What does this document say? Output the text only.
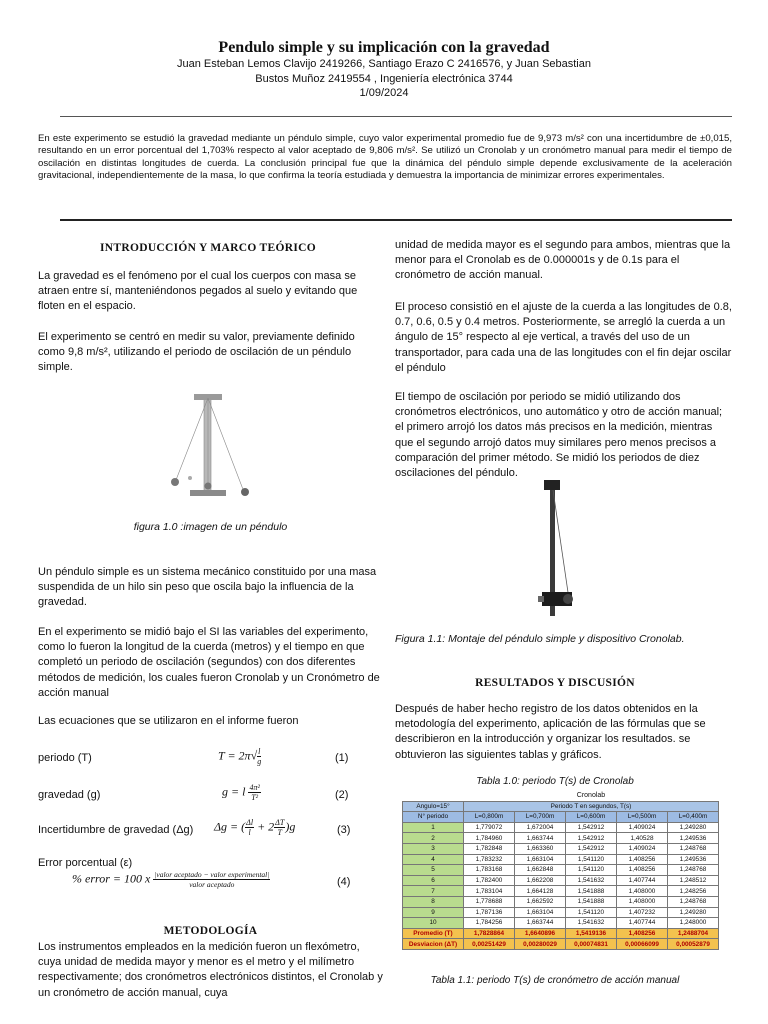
Pendulo simple y su implicación con la gravedad
Juan Esteban Lemos Clavijo 2419266, Santiago Erazo C 2416576, y Juan Sebastian
Bustos Muñoz 2419554 , Ingeniería electrónica 3744
1/09/2024
En este experimento se estudió la gravedad mediante un péndulo simple, cuyo valor experimental promedio fue de 9,973 m/s² con una incertidumbre de ±0,015, resultando en un error porcentual del 1,703% respecto al valor aceptado de 9,806 m/s². Se utilizó un Cronolab y un cronómetro manual para medir el tiempo de oscilación en distintas longitudes de cuerda. La conclusión principal fue que la dinámica del péndulo simple depende exclusivamente de la aceleración gravitacional, independientemente de la masa, lo que confirma la teoría estudiada y demuestra la importancia de minimizar errores experimentales.
INTRODUCCIÓN Y MARCO TEÓRICO
La gravedad es el fenómeno por el cual los cuerpos con masa se atraen entre sí, manteniéndonos pegados al suelo y evitando que floten en el espacio.
El experimento se centró en medir su valor, previamente definido como 9,8 m/s², utilizando el periodo de oscilación de un péndulo simple.
figura 1.0 :imagen de un péndulo
Un péndulo simple es un sistema mecánico constituido por una masa suspendida de un hilo sin peso que oscila bajo la influencia de la gravedad.
En el experimento se midió bajo el SI las variables del experimento, como lo fueron la longitud de la cuerda (metros) y el tiempo en que completó un periodo de oscilación (segundos) con dos diferentes métodos de medición, los cuales fueron Cronolab y un Cronómetro de acción manual
Las ecuaciones que se utilizaron en el informe fueron
periodo (T)	$T = 2\pi√ \frac{l}{g}$	(1)
gravedad (g)	g = l $\frac{\text{4π²}}{\text{T²}}$	(2)
Incertidumbre de gravedad (Δg) Δg = ( $\frac{\Delta l}{l} + 2 \frac{\Delta T}{T})g$	(3)
Error porcentual (ε)
% error = 100 x $\frac{\text{|valor aceptado − valor experimental|}}{\text{valor aceptado}}$	(4)
METODOLOGÍA
Los instrumentos empleados en la medición fueron un flexómetro, cuya unidad de medida mayor y menor es el metro y el milímetro respectivamente; dos cronómetros electrónicos distintos, el Cronolab y un cronómetro de acción manual, cuya
unidad de medida mayor es el segundo para ambos, mientras que la menor para el Cronolab es de 0.000001s y de 0.1s para el cronómetro de acción manual.
El proceso consistió en el ajuste de la cuerda a las longitudes de 0.8, 0.7, 0.6, 0.5 y 0.4 metros. Posteriormente, se arregló la cuerda a un ángulo de 15° respecto al eje vertical, a través del uso de un transportador, para cada una de las longitudes con el fin dejar oscilar el péndulo
El tiempo de oscilación por periodo se midió utilizando dos cronómetros electrónicos, uno automático y otro de acción manual; el primero arrojó los datos más precisos en la medición, mientras que el segundo arrojó datos muy similares pero menos precisos a comparación del primer método. Se midió los periodos de diez oscilaciones del péndulo.
Figura 1.1: Montaje del péndulo simple y dispositivo Cronolab.
RESULTADOS Y DISCUSIÓN
Después de haber hecho registro de los datos obtenidos en la metodología del experimento, aplicación de las fórmulas que se describieron en la introducción y organizar los resultados. se obtuvieron las siguientes tablas y gráficos.
Tabla 1.0: periodo T(s) de Cronolab
	Cronolab				
Angulo=15°	Periodo T en segundos, T(s)				
N° periodo	L=0,800m	L=0,700m	L=0,600m	L=0,500m	L=0,400m
1	1,779072	1,672004	1,542912	1,409024	1,249280
2	1,784960	1,663744	1,542912	1,40528	1,249536
3	1,782848	1,663360	1,542912	1,409024	1,248768
4	1,783232	1,663104	1,541120	1,408256	1,249536
5	1,783168	1,662848	1,541120	1,408256	1,248768
6	1,782400	1,662208	1,541632	1,407744	1,248512
7	1,783104	1,664128	1,541888	1,408000	1,248256
8	1,778688	1,662592	1,541888	1,408000	1,248768
9	1,787136	1,663104	1,541120	1,407232	1,249280
10	1,784256	1,663744	1,541632	1,407744	1,248000
Promedio (T)	1,7828864	1,6640896	1,5419136	1,408256	1,2488704
Desviacion (ΔT)	0,00251429	0,00280029	0,00074831	0,00066099	0,00052879
Tabla 1.1: periodo T(s) de cronómetro de acción manual
